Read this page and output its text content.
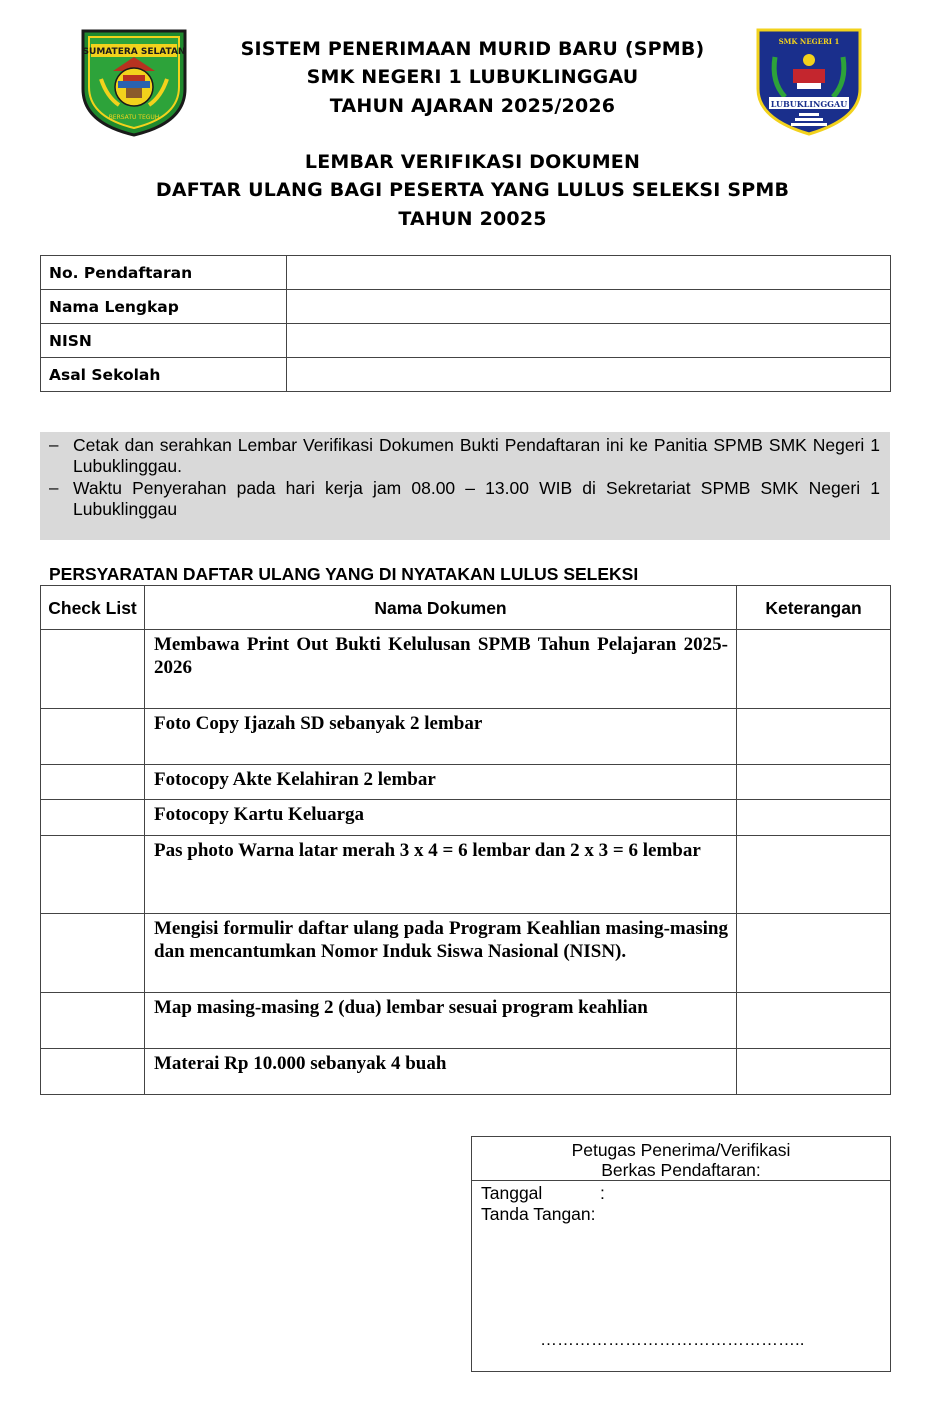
SUMATERA SELATAN
BERSATU TEGUH
SMK NEGERI 1
LUBUKLINGGAU
SISTEM PENERIMAAN MURID BARU (SPMB)
SMK NEGERI 1 LUBUKLINGGAU
TAHUN AJARAN 2025/2026
LEMBAR VERIFIKASI DOKUMEN
DAFTAR ULANG BAGI PESERTA YANG LULUS SELEKSI SPMB
TAHUN 20025
No. Pendaftaran	
Nama Lengkap	
NISN	
Asal Sekolah	
– Cetak dan serahkan Lembar Verifikasi Dokumen Bukti Pendaftaran ini ke Panitia SPMB SMK Negeri 1 Lubuklinggau.
– Waktu Penyerahan pada hari kerja jam 08.00 – 13.00 WIB di Sekretariat SPMB SMK Negeri 1 Lubuklinggau
PERSYARATAN DAFTAR ULANG YANG DI NYATAKAN LULUS SELEKSI
Check List	Nama Dokumen	Keterangan
	Membawa Print Out Bukti Kelulusan SPMB Tahun Pelajaran 2025-2026	
	Foto Copy Ijazah SD sebanyak 2 lembar	
	Fotocopy Akte Kelahiran 2 lembar	
	Fotocopy Kartu Keluarga	
	Pas photo Warna latar merah 3 x 4 = 6 lembar dan 2 x 3 = 6 lembar	
	Mengisi formulir daftar ulang pada Program Keahlian masing-masing dan mencantumkan Nomor Induk Siswa Nasional (NISN).	
	Map masing-masing 2 (dua) lembar sesuai program keahlian	
	Materai Rp 10.000 sebanyak 4 buah	
Petugas Penerima/Verifikasi
Berkas Pendaftaran:
Tanggal	:
Tanda Tangan:
………………………………………..
